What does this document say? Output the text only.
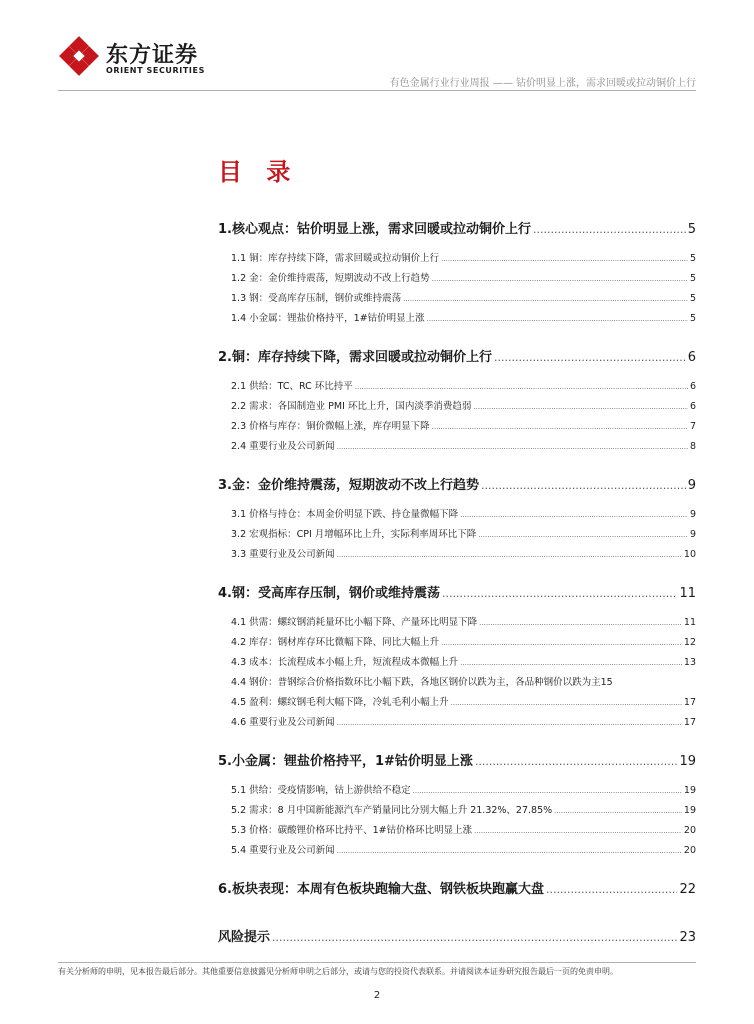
东方证券
ORIENT SECURITIES
有色金属行业行业周报 —— 钴价明显上涨，需求回暖或拉动铜价上行
目 录
1.核心观点：钴价明显上涨，需求回暖或拉动铜价上行 .....	5
1.1 铜：库存持续下降，需求回暖或拉动铜价上行 .....	5
1.2 金：金价维持震荡，短期波动不改上行趋势 .....	5
1.3 钢：受高库存压制，钢价或维持震荡 .....	5
1.4 小金属：锂盐价格持平，1#钴价明显上涨 .....	5
2.铜：库存持续下降，需求回暖或拉动铜价上行 .....	6
2.1 供给：TC、RC 环比持平 .....	6
2.2 需求：各国制造业 PMI 环比上升，国内淡季消费趋弱 .....	6
2.3 价格与库存：铜价微幅上涨，库存明显下降 .....	7
2.4 重要行业及公司新闻 .....	8
3.金：金价维持震荡，短期波动不改上行趋势 .....	9
3.1 价格与持仓：本周金价明显下跌、持仓量微幅下降 .....	9
3.2 宏观指标：CPI 月增幅环比上升，实际利率周环比下降 .....	9
3.3 重要行业及公司新闻 .....	10
4.钢：受高库存压制，钢价或维持震荡 .....	11
4.1 供需：螺纹钢消耗量环比小幅下降、产量环比明显下降 .....	11
4.2 库存：钢材库存环比微幅下降、同比大幅上升 .....	12
4.3 成本：长流程成本小幅上升，短流程成本微幅上升 .....	13
4.4 钢价：普钢综合价格指数环比小幅下跌，各地区钢价以跌为主，各品种钢价以跌为主 15
4.5 盈利：螺纹钢毛利大幅下降，冷轧毛利小幅上升 .....	17
4.6 重要行业及公司新闻 .....	17
5.小金属：锂盐价格持平，1#钴价明显上涨 .....	19
5.1 供给：受疫情影响，钴上游供给不稳定 .....	19
5.2 需求：8 月中国新能源汽车产销量同比分别大幅上升 21.32%、27.85% .....	19
5.3 价格：碳酸锂价格环比持平、1#钴价格环比明显上涨 .....	20
5.4 重要行业及公司新闻 .....	20
6.板块表现：本周有色板块跑输大盘、钢铁板块跑赢大盘 .....	22
风险提示 .....	23
有关分析师的申明，见本报告最后部分。其他重要信息披露见分析师申明之后部分，或请与您的投资代表联系。并请阅读本证券研究报告最后一页的免责申明。
2
